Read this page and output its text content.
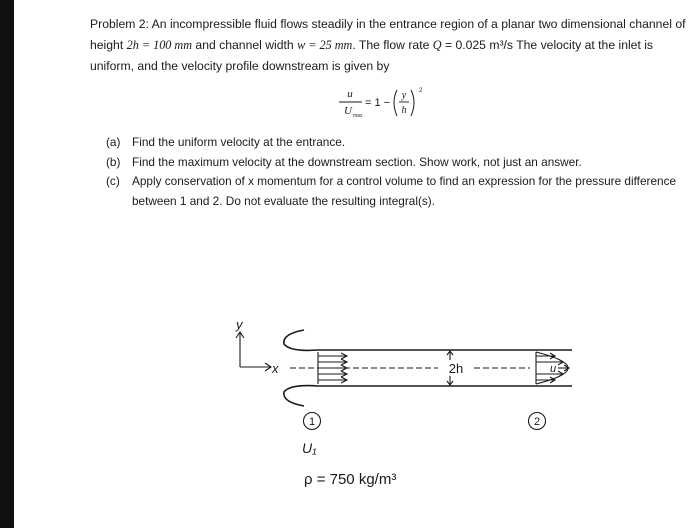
Problem 2: An incompressible fluid flows steadily in the entrance region of a planar two dimensional channel of height 2h = 100 mm and channel width w = 25 mm. The flow rate Q = 0.025 m³/s The velocity at the inlet is uniform, and the velocity profile downstream is given by
u
U max
= 1 −
y
h
2
(a) Find the uniform velocity at the entrance.
(b) Find the maximum velocity at the downstream section. Show work, not just an answer.
(c) Apply conservation of x momentum for a control volume to find an expression for the pressure difference between 1 and 2. Do not evaluate the resulting integral(s).
y
x	2h	u
1	2
U₁
ρ = 750 kg/m³
